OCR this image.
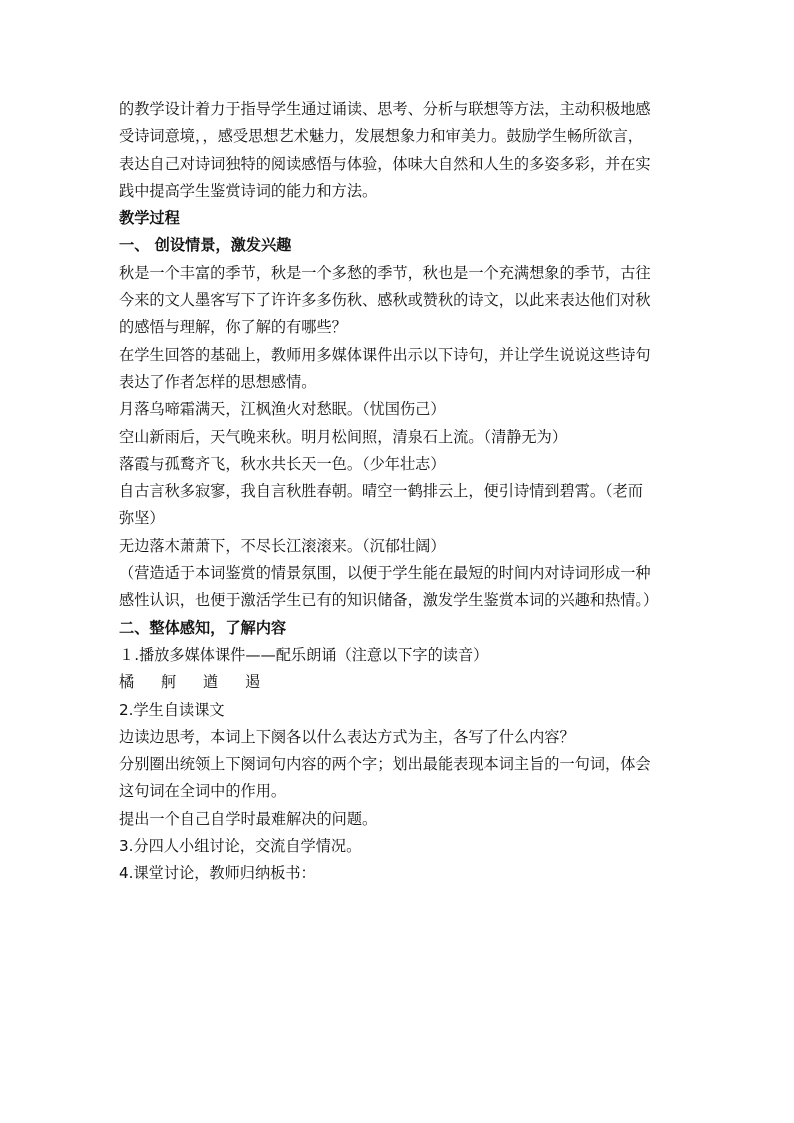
的教学设计着力于指导学生通过诵读、思考、分析与联想等方法，主动积极地感
受诗词意境，，感受思想艺术魅力，发展想象力和审美力。鼓励学生畅所欲言，
表达自己对诗词独特的阅读感悟与体验，体味大自然和人生的多姿多彩，并在实
践中提高学生鉴赏诗词的能力和方法。
教学过程
一、 创设情景，激发兴趣
秋是一个丰富的季节，秋是一个多愁的季节，秋也是一个充满想象的季节，古往
今来的文人墨客写下了许许多多伤秋、感秋或赞秋的诗文，以此来表达他们对秋
的感悟与理解，你了解的有哪些？
在学生回答的基础上，教师用多媒体课件出示以下诗句，并让学生说说这些诗句
表达了作者怎样的思想感情。
月落乌啼霜满天，江枫渔火对愁眠。（忧国伤己）
空山新雨后，天气晚来秋。明月松间照，清泉石上流。（清静无为）
落霞与孤鹜齐飞，秋水共长天一色。（少年壮志）
自古言秋多寂寥，我自言秋胜春朝。晴空一鹤排云上，便引诗情到碧霄。（老而
弥坚）
无边落木萧萧下，不尽长江滚滚来。（沉郁壮阔）
（营造适于本词鉴赏的情景氛围，以便于学生能在最短的时间内对诗词形成一种
感性认识，也便于激活学生已有的知识储备，激发学生鉴赏本词的兴趣和热情。）
二、整体感知，了解内容
１.播放多媒体课件——配乐朗诵（注意以下字的读音）
橘 舸 遒 遏
2.学生自读课文
边读边思考，本词上下阕各以什么表达方式为主，各写了什么内容？
分别圈出统领上下阕词句内容的两个字；划出最能表现本词主旨的一句词，体会
这句词在全词中的作用。
提出一个自己自学时最难解决的问题。
3.分四人小组讨论，交流自学情况。
4.课堂讨论，教师归纳板书：
